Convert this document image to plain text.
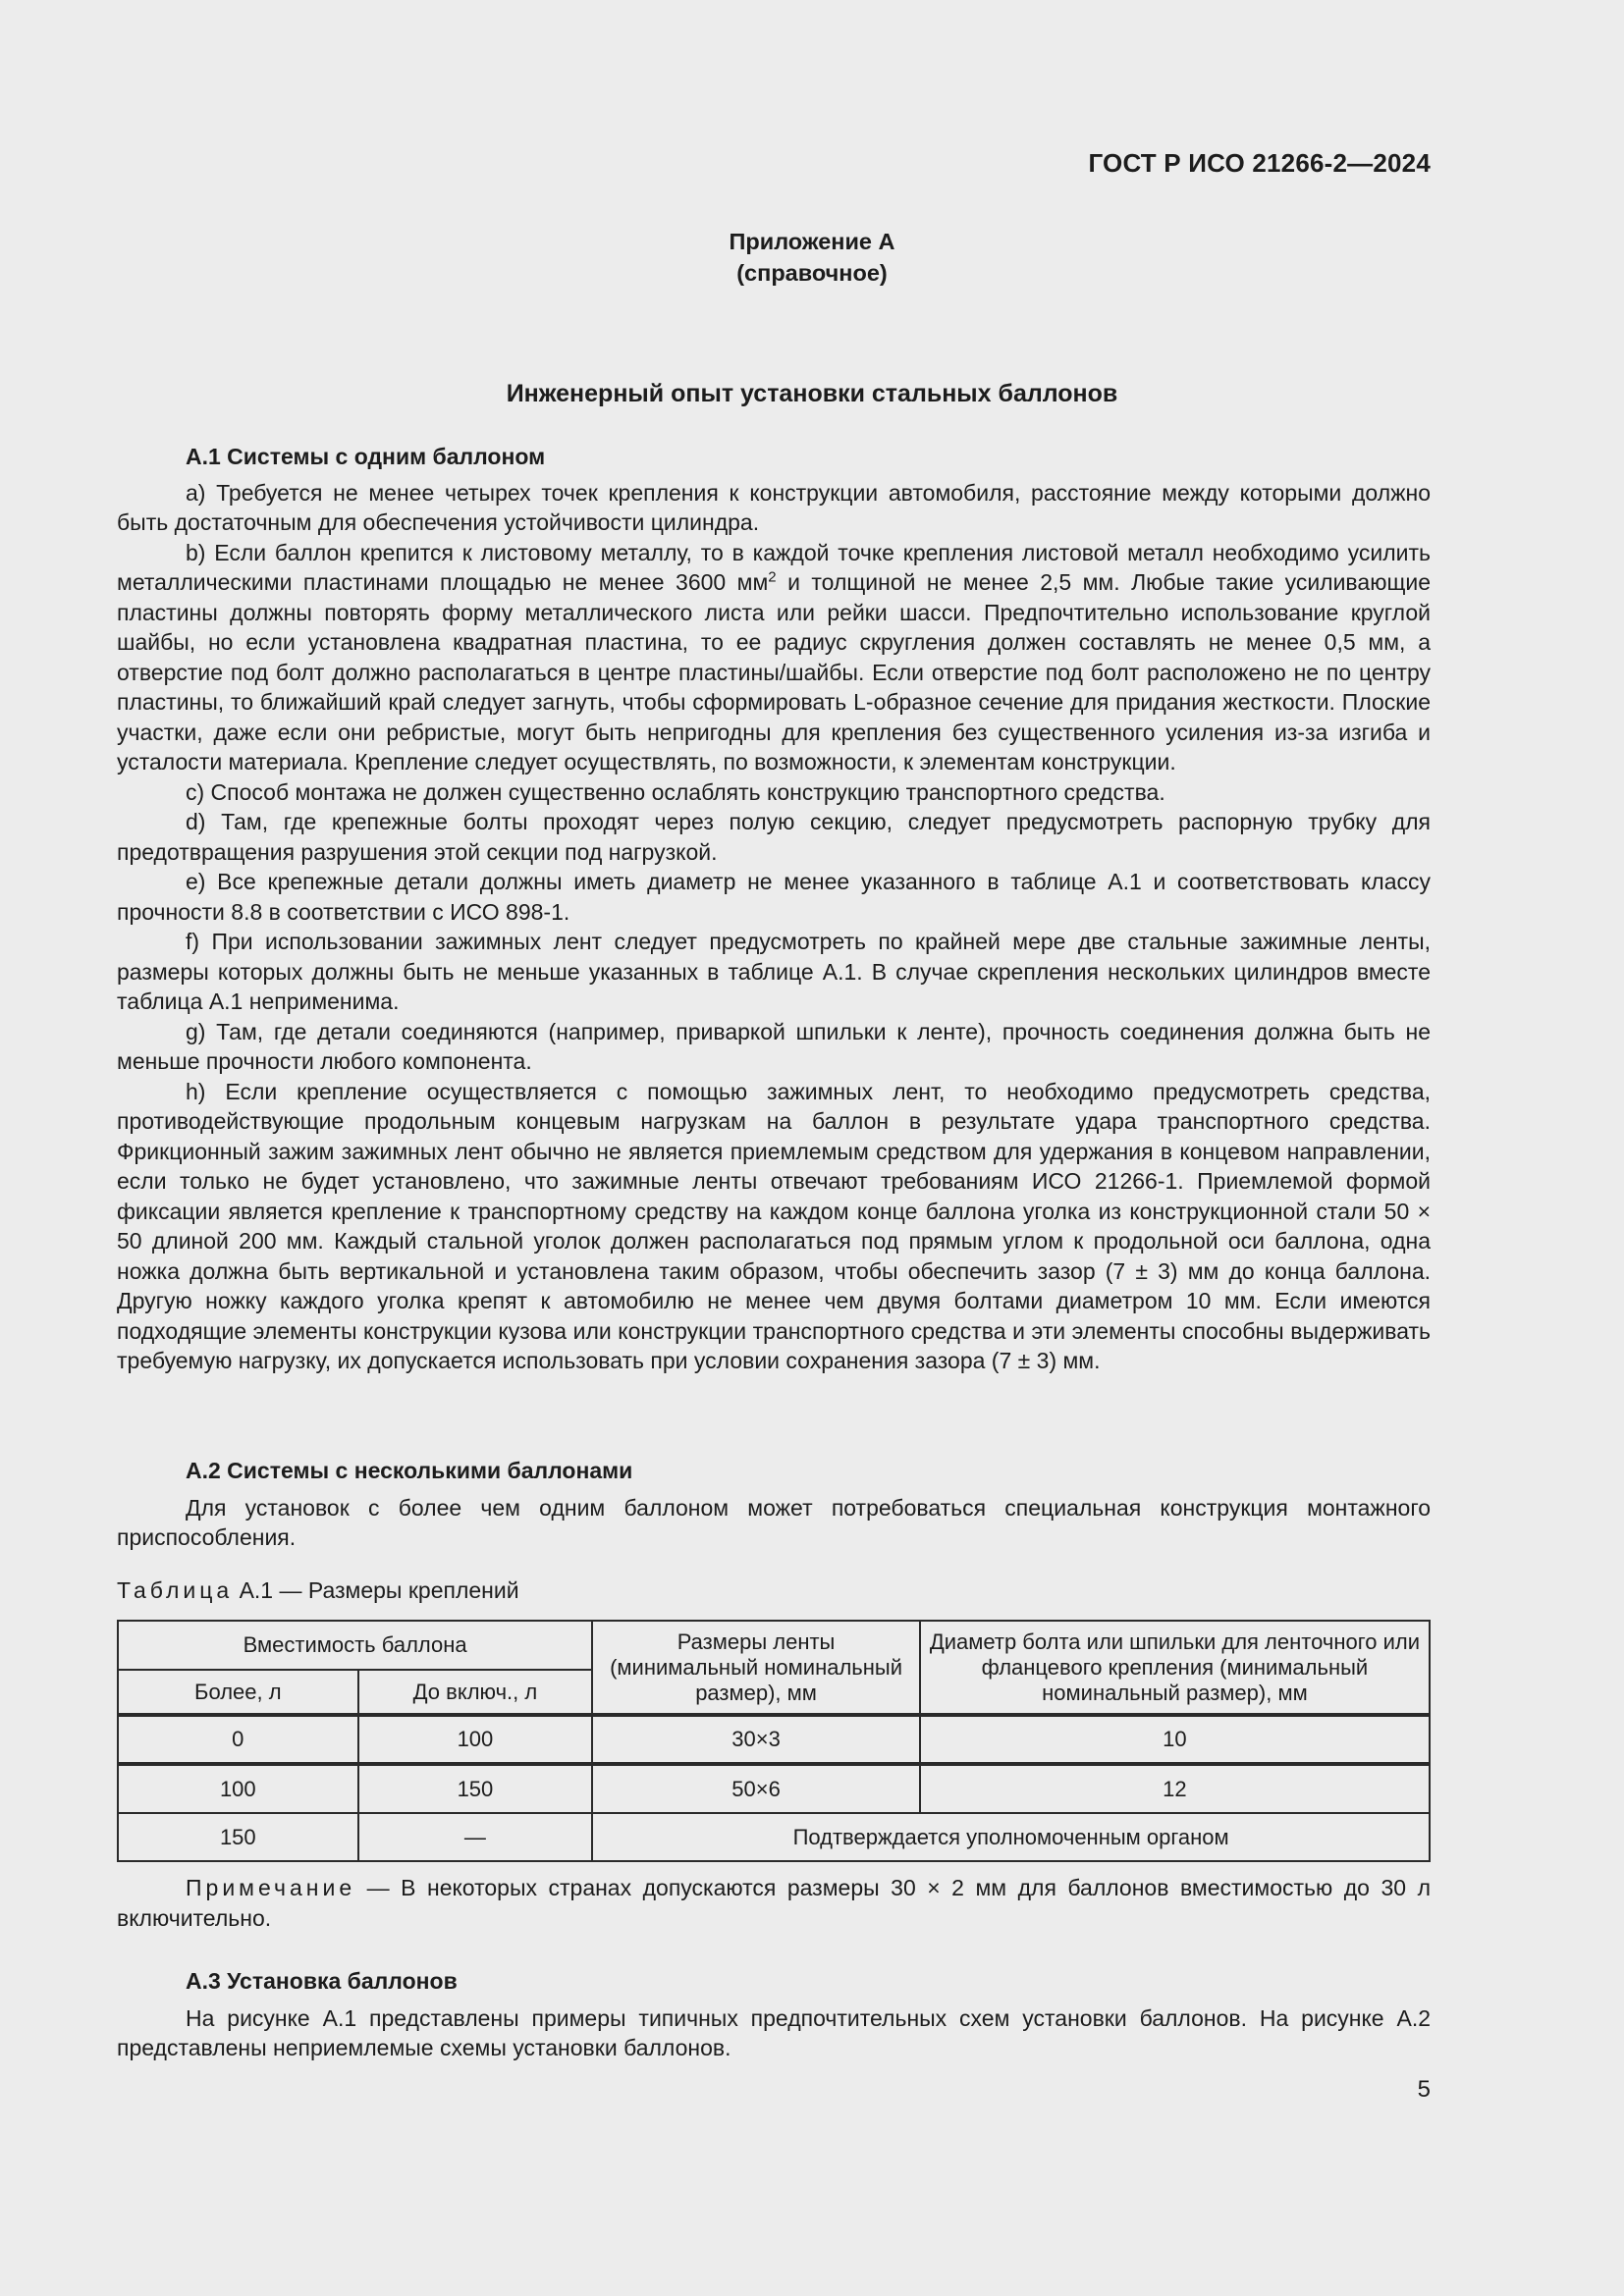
ГОСТ Р ИСО 21266-2—2024
Приложение А
(справочное)
Инженерный опыт установки стальных баллонов
А.1 Системы с одним баллоном

a) Требуется не менее четырех точек крепления к конструкции автомобиля, расстояние между которыми должно быть достаточным для обеспечения устойчивости цилиндра.

b) Если баллон крепится к листовому металлу, то в каждой точке крепления листовой металл необходимо усилить металлическими пластинами площадью не менее 3600 $мм^2$ и толщиной не менее 2,5 мм. Любые такие усиливающие пластины должны повторять форму металлического листа или рейки шасси. Предпочтительно использование круглой шайбы, но если установлена квадратная пластина, то ее радиус скругления должен составлять не менее 0,5 мм, а отверстие под болт должно располагаться в центре пластины/шайбы. Если отверстие под болт расположено не по центру пластины, то ближайший край следует загнуть, чтобы сформировать L-образное сечение для придания жесткости. Плоские участки, даже если они ребристые, могут быть непригодны для крепления без существенного усиления из-за изгиба и усталости материала. Крепление следует осуществлять, по возможности, к элементам конструкции.

с) Способ монтажа не должен существенно ослаблять конструкцию транспортного средства.

d) Там, где крепежные болты проходят через полую секцию, следует предусмотреть распорную трубку для предотвращения разрушения этой секции под нагрузкой.

e) Все крепежные детали должны иметь диаметр не менее указанного в таблице А.1 и соответствовать классу прочности 8.8 в соответствии с ИСО 898-1.

f) При использовании зажимных лент следует предусмотреть по крайней мере две стальные зажимные ленты, размеры которых должны быть не меньше указанных в таблице А.1. В случае скрепления нескольких цилиндров вместе таблица А.1 неприменима.

g) Там, где детали соединяются (например, приваркой шпильки к ленте), прочность соединения должна быть не меньше прочности любого компонента.

h) Если крепление осуществляется с помощью зажимных лент, то необходимо предусмотреть средства, противодействующие продольным концевым нагрузкам на баллон в результате удара транспортного средства. Фрикционный зажим зажимных лент обычно не является приемлемым средством для удержания в концевом направлении, если только не будет установлено, что зажимные ленты отвечают требованиям ИСО 21266-1. Приемлемой формой фиксации является крепление к транспортному средству на каждом конце баллона уголка из конструкционной стали 50 × 50 длиной 200 мм. Каждый стальной уголок должен располагаться под прямым углом к продольной оси баллона, одна ножка должна быть вертикальной и установлена таким образом, чтобы обеспечить зазор (7 ± 3) мм до конца баллона. Другую ножку каждого уголка крепят к автомобилю не менее чем двумя болтами диаметром 10 мм. Если имеются подходящие элементы конструкции кузова или конструкции транспортного средства и эти элементы способны выдерживать требуемую нагрузку, их допускается использовать при условии сохранения зазора (7 ± 3) мм.

А.2 Системы с несколькими баллонами

Для установок с более чем одним баллоном может потребоваться специальная конструкция монтажного приспособления.

Таблица А.1 — Размеры креплений
Вместимость баллона		Размеры ленты (минимальный номинальный размер), мм	Диаметр болта или шпильки для ленточного или фланцевого крепления (минимальный номинальный размер), мм
Более, л	До включ., л		
0	100	30×3	10
100	150	50×6	12
150	—	Подтверждается уполномоченным органом	
Примечание — В некоторых странах допускаются размеры 30 × 2 мм для баллонов вместимостью до 30 л включительно.
А.3 Установка баллонов

На рисунке А.1 представлены примеры типичных предпочтительных схем установки баллонов. На рисунке А.2 представлены неприемлемые схемы установки баллонов.

5
